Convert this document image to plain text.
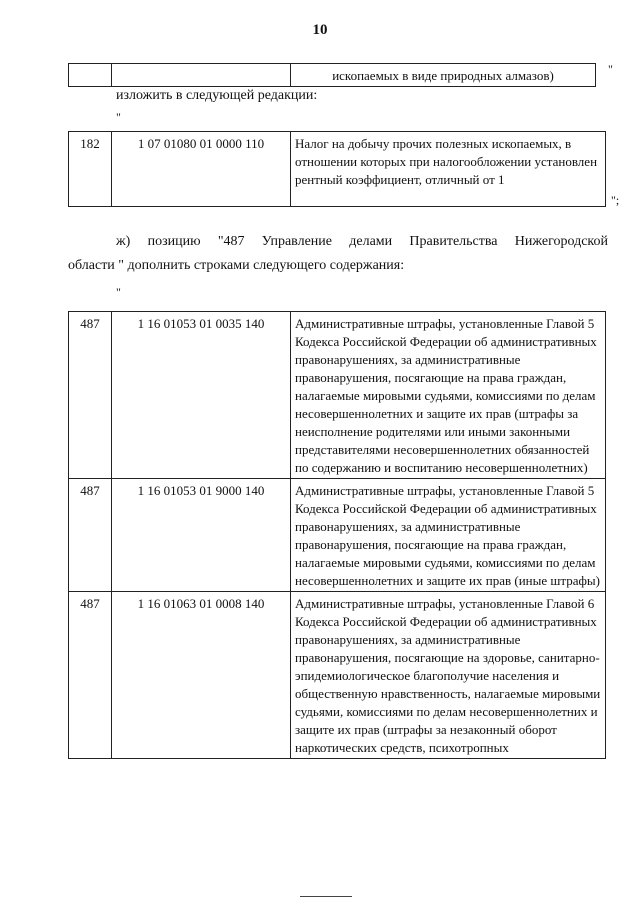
10
		ископаемых в виде природных алмазов)	"
изложить в следующей редакции:
"
182	1 07 01080 01 0000 110	Налог на добычу прочих полезных ископаемых, в отношении которых при налогообложении установлен рентный коэффициент, отличный от 1
";
ж) позицию "487 Управление делами Правительства Нижегородской
области " дополнить строками следующего содержания:
"
487	1 16 01053 01 0035 140	Административные штрафы, установленные Главой 5 Кодекса Российской Федерации об административных правонарушениях, за административные правонарушения, посягающие на права граждан, налагаемые мировыми судьями, комиссиями по делам несовершеннолетних и защите их прав (штрафы за неисполнение родителями или иными законными представителями несовершеннолетних обязанностей по содержанию и воспитанию несовершеннолетних)
487	1 16 01053 01 9000 140	Административные штрафы, установленные Главой 5 Кодекса Российской Федерации об административных правонарушениях, за административные правонарушения, посягающие на права граждан, налагаемые мировыми судьями, комиссиями по делам несовершеннолетних и защите их прав (иные штрафы)
487	1 16 01063 01 0008 140	Административные штрафы, установленные Главой 6 Кодекса Российской Федерации об административных правонарушениях, за административные правонарушения, посягающие на здоровье, санитарно-эпидемиологическое благополучие населения и общественную нравственность, налагаемые мировыми судьями, комиссиями по делам несовершеннолетних и защите их прав (штрафы за незаконный оборот наркотических средств, психотропных
